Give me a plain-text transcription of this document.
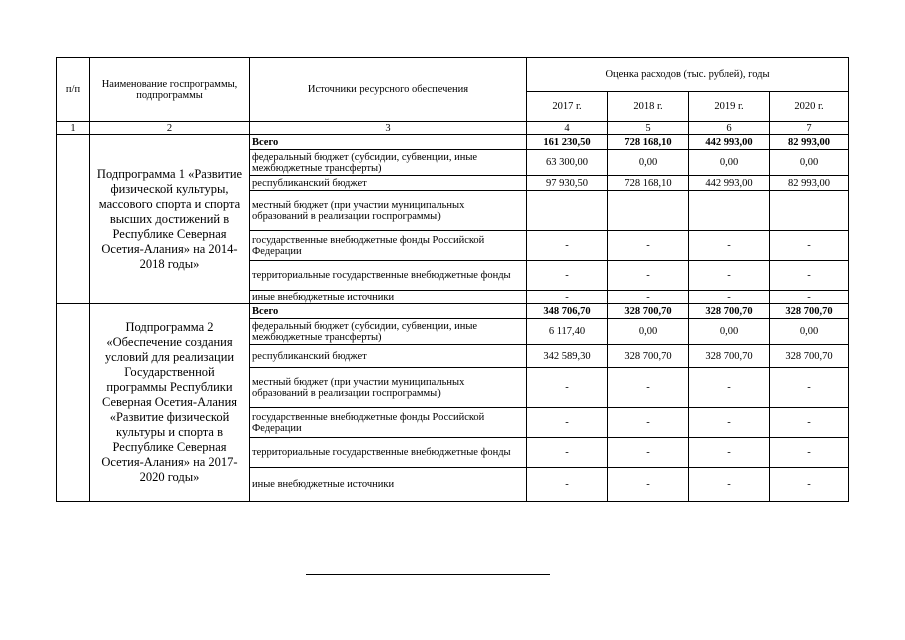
п/п	Наименование госпрограммы, подпрограммы	Источники ресурсного обеспечения	Оценка расходов (тыс. рублей), годы			
			2017 г.	2018 г.	2019 г.	2020 г.
1	2	3	4	5	6	7
	Подпрограмма 1 «Развитие физической культуры, массового спорта и спорта высших достижений в Республике Северная Осетия-Алания» на 2014-2018 годы»	Всего	161 230,50	728 168,10	442 993,00	82 993,00
		федеральный бюджет (субсидии, субвенции, иные межбюджетные трансферты)	63 300,00	0,00	0,00	0,00
		республиканский бюджет	97 930,50	728 168,10	442 993,00	82 993,00
		местный бюджет (при участии муниципальных образований в реализации госпрограммы)				
		государственные внебюджетные фонды Российской Федерации	-	-	-	-
		территориальные государственные внебюджетные фонды	-	-	-	-
		иные внебюджетные источники	-	-	-	-
	Подпрограмма 2 «Обеспечение создания условий для реализации Государственной программы Республики Северная Осетия-Алания «Развитие физической культуры и спорта в Республике Северная Осетия-Алания» на 2017-2020 годы»	Всего	348 706,70	328 700,70	328 700,70	328 700,70
		федеральный бюджет (субсидии, субвенции, иные межбюджетные трансферты)	6 117,40	0,00	0,00	0,00
		республиканский бюджет	342 589,30	328 700,70	328 700,70	328 700,70
		местный бюджет (при участии муниципальных образований в реализации госпрограммы)	-	-	-	-
		государственные внебюджетные фонды Российской Федерации	-	-	-	-
		территориальные государственные внебюджетные фонды	-	-	-	-
		иные внебюджетные источники	-	-	-	-
